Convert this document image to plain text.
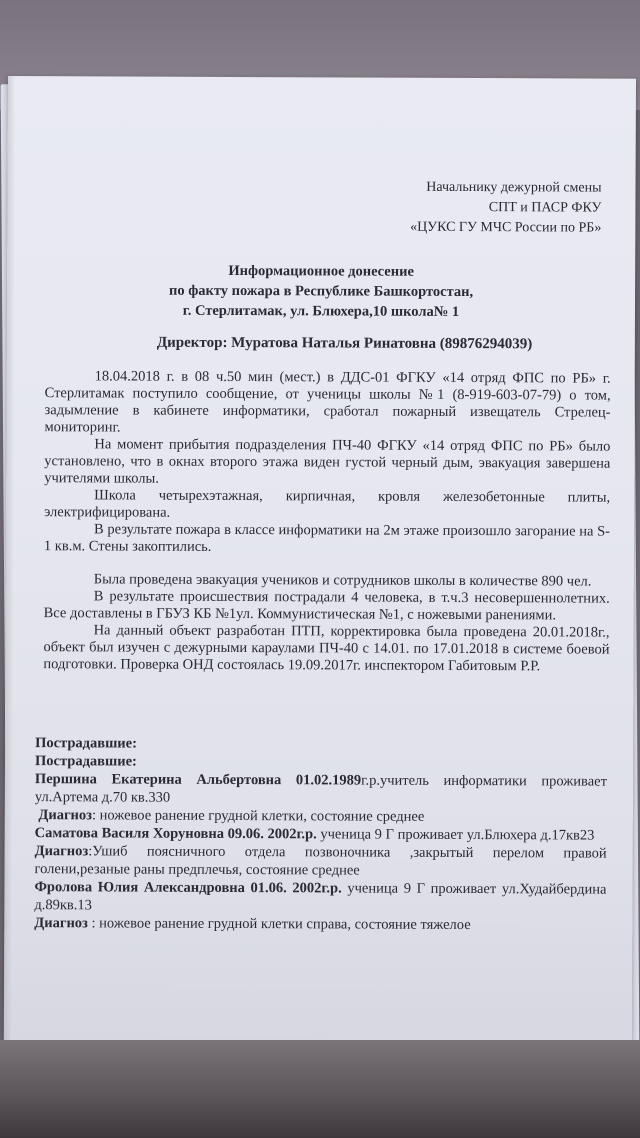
Начальнику дежурной смены
СПТ и ПАСР ФКУ
«ЦУКС ГУ МЧС России по РБ»
Информационное донесение
по факту пожара в Республике Башкортостан,
г. Стерлитамак, ул. Блюхера,10 школа№ 1
Директор: Муратова Наталья Ринатовна (89876294039)

18.04.2018 г. в 08 ч.50 мин (мест.) в ДДС-01 ФГКУ «14 отряд ФПС по РБ» г. Стерлитамак поступило сообщение, от ученицы школы №1 (8-919-603-07-79) о том, задымление в кабинете информатики, сработал пожарный извещатель Стрелец-мониторинг.

На момент прибытия подразделения ПЧ-40 ФГКУ «14 отряд ФПС по РБ» было установлено, что в окнах второго этажа виден густой черный дым, эвакуация завершена учителями школы.

Школа четырехэтажная, кирпичная, кровля железобетонные плиты, электрифицирована.

В результате пожара в классе информатики на 2м этаже произошло загорание на S-1 кв.м. Стены закоптились.

Была проведена эвакуация учеников и сотрудников школы в количестве 890 чел.

В результате происшествия пострадали 4 человека, в т.ч.3 несовершеннолетних. Все доставлены в ГБУЗ КБ №1ул. Коммунистическая №1, с ножевыми ранениями.

На данный объект разработан ПТП, корректировка была проведена 20.01.2018г., объект был изучен с дежурными караулами ПЧ-40 с 14.01. по 17.01.2018 в системе боевой подготовки. Проверка ОНД состоялась 19.09.2017г. инспектором Габитовым Р.Р.

Пострадавшие:

Пострадавшие:

Першина Екатерина Альбертовна 01.02.1989г.р.учитель информатики проживает ул.Артема д.70 кв.330

Диагноз: ножевое ранение грудной клетки, состояние среднее

Саматова Василя Хоруновна 09.06. 2002г.р. ученица 9 Г проживает ул.Блюхера д.17кв23

Диагноз:Ушиб поясничного отдела позвоночника ,закрытый перелом правой голени,резаные раны предплечья, состояние среднее

Фролова Юлия Александровна 01.06. 2002г.р. ученица 9 Г проживает ул.Худайбердина д.89кв.13

Диагноз : ножевое ранение грудной клетки справа, состояние тяжелое
